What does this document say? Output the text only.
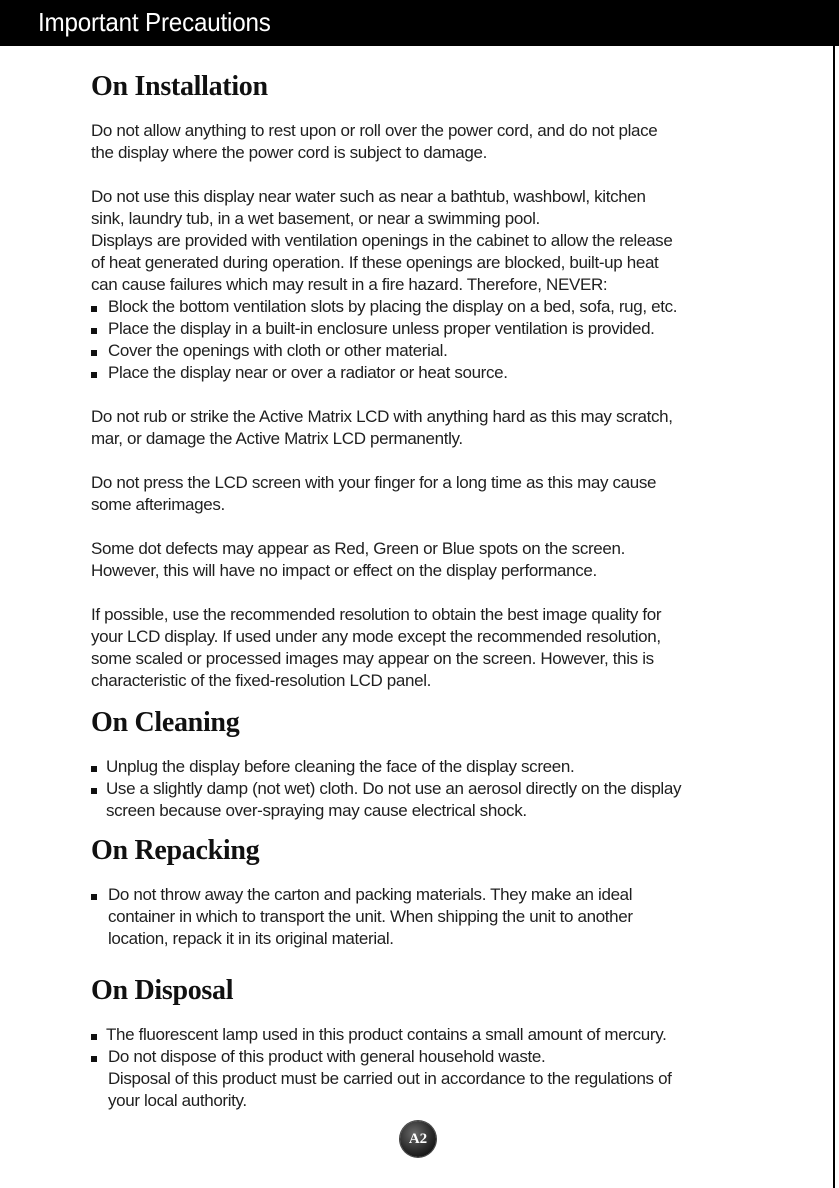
Important Precautions
On Installation

Do not allow anything to rest upon or roll over the power cord, and do not place
the display where the power cord is subject to damage.

Do not use this display near water such as near a bathtub, washbowl, kitchen
sink, laundry tub, in a wet basement, or near a swimming pool.
Displays are provided with ventilation openings in the cabinet to allow the release
of heat generated during operation. If these openings are blocked, built-up heat
can cause failures which may result in a fire hazard. Therefore, NEVER:

Block the bottom ventilation slots by placing the display on a bed, sofa, rug, etc.
Place the display in a built-in enclosure unless proper ventilation is provided.
Cover the openings with cloth or other material.
Place the display near or over a radiator or heat source.

Do not rub or strike the Active Matrix LCD with anything hard as this may scratch,
mar, or damage the Active Matrix LCD permanently.

Do not press the LCD screen with your finger for a long time as this may cause
some afterimages.

Some dot defects may appear as Red, Green or Blue spots on the screen.
However, this will have no impact or effect on the display performance.

If possible, use the recommended resolution to obtain the best image quality for
your LCD display. If used under any mode except the recommended resolution,
some scaled or processed images may appear on the screen. However, this is
characteristic of the fixed-resolution LCD panel.

On Cleaning
Unplug the display before cleaning the face of the display screen.
Use a slightly damp (not wet) cloth. Do not use an aerosol directly on the display
screen because over-spraying may cause electrical shock.
On Repacking
Do not throw away the carton and packing materials. They make an ideal
container in which to transport the unit. When shipping the unit to another
location, repack it in its original material.
On Disposal
The fluorescent lamp used in this product contains a small amount of mercury.
Do not dispose of this product with general household waste.
Disposal of this product must be carried out in accordance to the regulations of
your local authority.
A2
